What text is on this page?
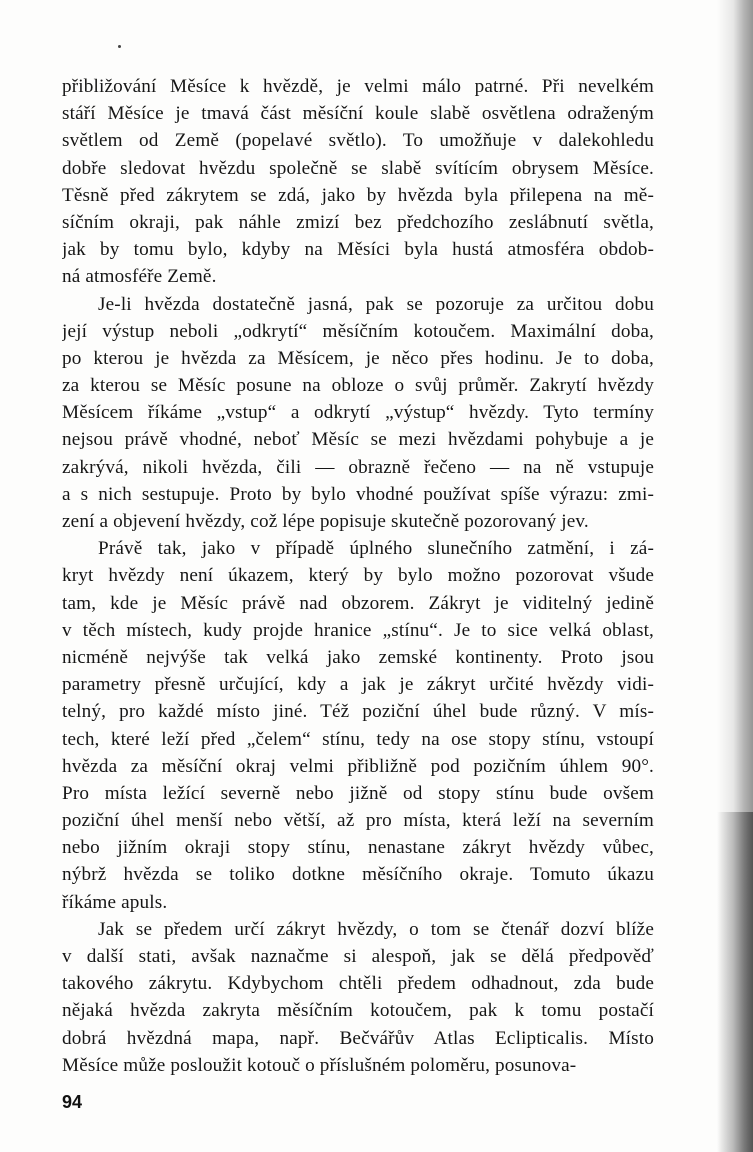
přibližování Měsíce k hvězdě, je velmi málo patrné. Při nevelkém
stáří Měsíce je tmavá část měsíční koule slabě osvětlena odraženým
světlem od Země (popelavé světlo). To umožňuje v dalekohledu
dobře sledovat hvězdu společně se slabě svítícím obrysem Měsíce.
Těsně před zákrytem se zdá, jako by hvězda byla přilepena na mě-
síčním okraji, pak náhle zmizí bez předchozího zeslábnutí světla,
jak by tomu bylo, kdyby na Měsíci byla hustá atmosféra obdob-
ná atmosféře Země.
Je-li hvězda dostatečně jasná, pak se pozoruje za určitou dobu
její výstup neboli „odkrytí“ měsíčním kotoučem. Maximální doba,
po kterou je hvězda za Měsícem, je něco přes hodinu. Je to doba,
za kterou se Měsíc posune na obloze o svůj průměr. Zakrytí hvězdy
Měsícem říkáme „vstup“ a odkrytí „výstup“ hvězdy. Tyto termíny
nejsou právě vhodné, neboť Měsíc se mezi hvězdami pohybuje a je
zakrývá, nikoli hvězda, čili — obrazně řečeno — na ně vstupuje
a s nich sestupuje. Proto by bylo vhodné používat spíše výrazu: zmi-
zení a objevení hvězdy, což lépe popisuje skutečně pozorovaný jev.
Právě tak, jako v případě úplného slunečního zatmění, i zá-
kryt hvězdy není úkazem, který by bylo možno pozorovat všude
tam, kde je Měsíc právě nad obzorem. Zákryt je viditelný jedině
v těch místech, kudy projde hranice „stínu“. Je to sice velká oblast,
nicméně nejvýše tak velká jako zemské kontinenty. Proto jsou
parametry přesně určující, kdy a jak je zákryt určité hvězdy vidi-
telný, pro každé místo jiné. Též poziční úhel bude různý. V mís-
tech, které leží před „čelem“ stínu, tedy na ose stopy stínu, vstoupí
hvězda za měsíční okraj velmi přibližně pod pozičním úhlem 90°.
Pro místa ležící severně nebo jižně od stopy stínu bude ovšem
poziční úhel menší nebo větší, až pro místa, která leží na severním
nebo jižním okraji stopy stínu, nenastane zákryt hvězdy vůbec,
nýbrž hvězda se toliko dotkne měsíčního okraje. Tomuto úkazu
říkáme apuls.
Jak se předem určí zákryt hvězdy, o tom se čtenář dozví blíže
v další stati, avšak naznačme si alespoň, jak se dělá předpověď
takového zákrytu. Kdybychom chtěli předem odhadnout, zda bude
nějaká hvězda zakryta měsíčním kotoučem, pak k tomu postačí
dobrá hvězdná mapa, např. Bečvářův Atlas Eclipticalis. Místo
Měsíce může posloužit kotouč o příslušném poloměru, posunova-
94
